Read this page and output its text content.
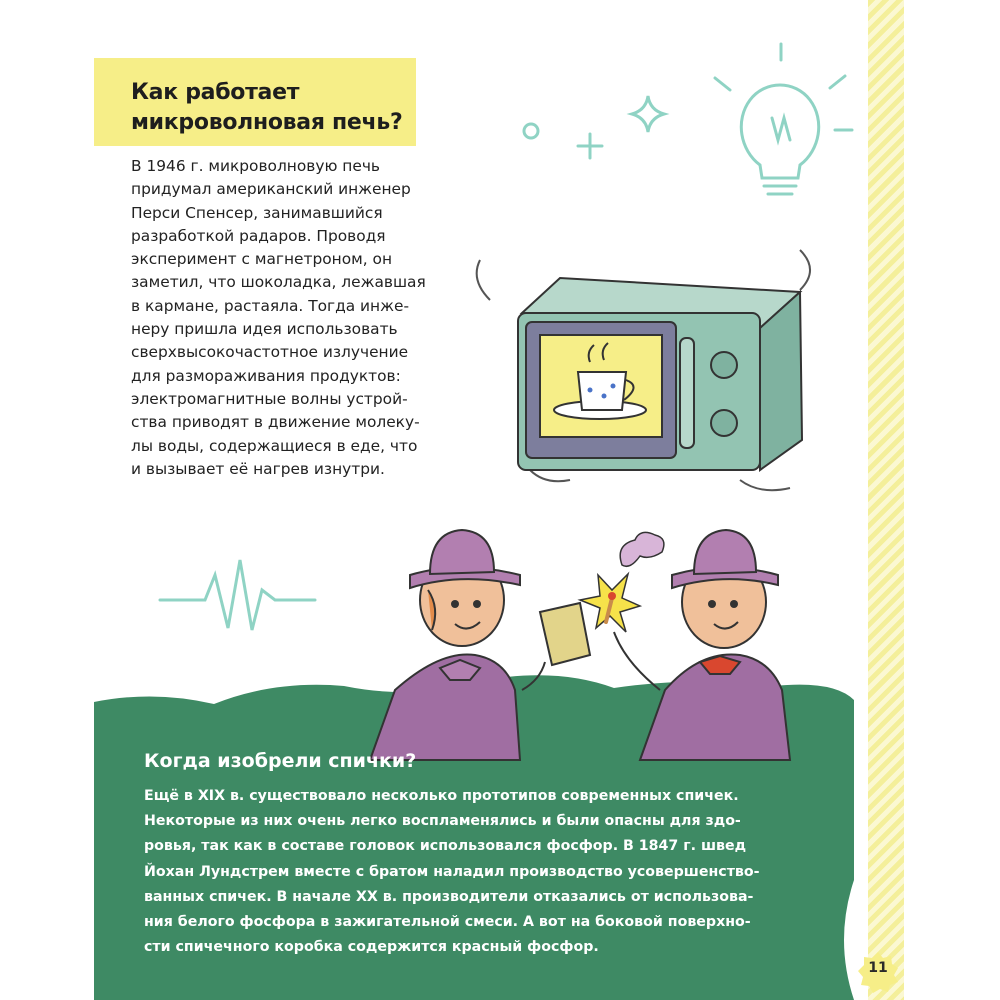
Как работает
микроволновая печь?

В 1946 г. микроволновую печь
придумал американский инженер
Перси Спенсер, занимавшийся
разработкой радаров. Проводя
эксперимент с магнетроном, он
заметил, что шоколадка, лежавшая
в кармане, растаяла. Тогда инже-
неру пришла идея использовать
сверхвысокочастотное излучение
для размораживания продуктов:
электромагнитные волны устрой-
ства приводят в движение молеку-
лы воды, содержащиеся в еде, что
и вызывает её нагрев изнутри.

Когда изобрели спички?

Ещё в XIX в. существовало несколько прототипов современных спичек.
Некоторые из них очень легко воспламенялись и были опасны для здо-
ровья, так как в составе головок использовался фосфор. В 1847 г. швед
Йохан Лундстрем вместе с братом наладил производство усовершенство-
ванных спичек. В начале XX в. производители отказались от использова-
ния белого фосфора в зажигательной смеси. А вот на боковой поверхно-
сти спичечного коробка содержится красный фосфор.

11
